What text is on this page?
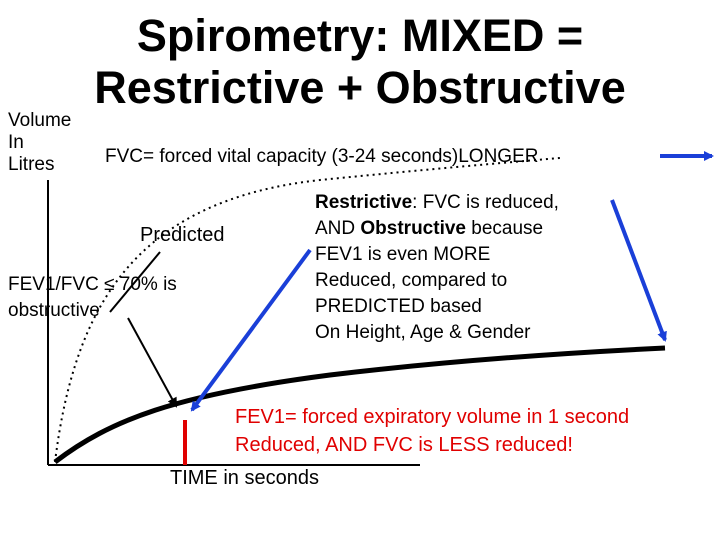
Spirometry: MIXED =
Restrictive + Obstructive
Volume
In
Litres	FVC= forced vital capacity (3-24 seconds)LONGER
Predicted
FEV1/FVC ≤ 70% is
obstructive
Restrictive: FVC is reduced,
AND Obstructive because
FEV1 is even MORE
Reduced, compared to
PREDICTED based
On Height, Age & Gender
FEV1= forced expiratory volume in 1 second
Reduced, AND FVC is LESS reduced!
TIME in seconds
